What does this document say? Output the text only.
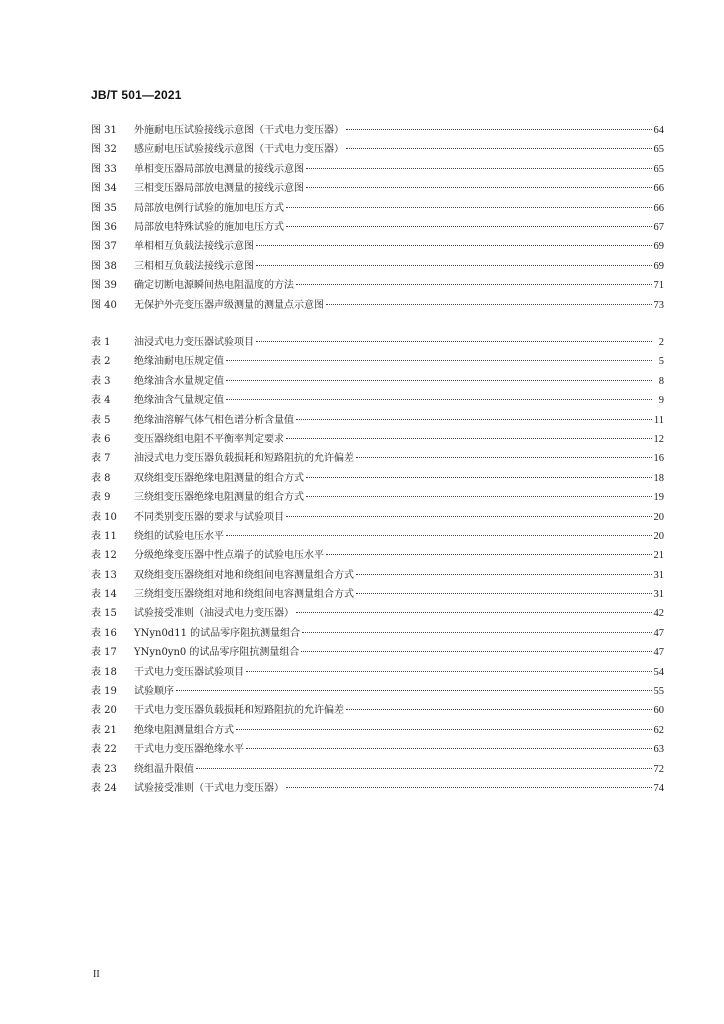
JB/T 501—2021
图 31	外施耐电压试验接线示意图（干式电力变压器）	64
图 32	感应耐电压试验接线示意图（干式电力变压器）	65
图 33	单相变压器局部放电测量的接线示意图	65
图 34	三相变压器局部放电测量的接线示意图	66
图 35	局部放电例行试验的施加电压方式	66
图 36	局部放电特殊试验的施加电压方式	67
图 37	单相相互负载法接线示意图	69
图 38	三相相互负载法接线示意图	69
图 39	确定切断电源瞬间热电阻温度的方法	71
图 40	无保护外壳变压器声级测量的测量点示意图	73
表 1	油浸式电力变压器试验项目	2
表 2	绝缘油耐电压规定值	5
表 3	绝缘油含水量规定值	8
表 4	绝缘油含气量规定值	9
表 5	绝缘油溶解气体气相色谱分析含量值	11
表 6	变压器绕组电阻不平衡率判定要求	12
表 7	油浸式电力变压器负载损耗和短路阻抗的允许偏差	16
表 8	双绕组变压器绝缘电阻测量的组合方式	18
表 9	三绕组变压器绝缘电阻测量的组合方式	19
表 10	不同类别变压器的要求与试验项目	20
表 11	绕组的试验电压水平	20
表 12	分级绝缘变压器中性点端子的试验电压水平	21
表 13	双绕组变压器绕组对地和绕组间电容测量组合方式	31
表 14	三绕组变压器绕组对地和绕组间电容测量组合方式	31
表 15	试验接受准则（油浸式电力变压器）	42
表 16	YNyn0d11 的试品零序阻抗测量组合	47
表 17	YNyn0yn0 的试品零序阻抗测量组合	47
表 18	干式电力变压器试验项目	54
表 19	试验顺序	55
表 20	干式电力变压器负载损耗和短路阻抗的允许偏差	60
表 21	绝缘电阻测量组合方式	62
表 22	干式电力变压器绝缘水平	63
表 23	绕组温升限值	72
表 24	试验接受准则（干式电力变压器）	74
II
